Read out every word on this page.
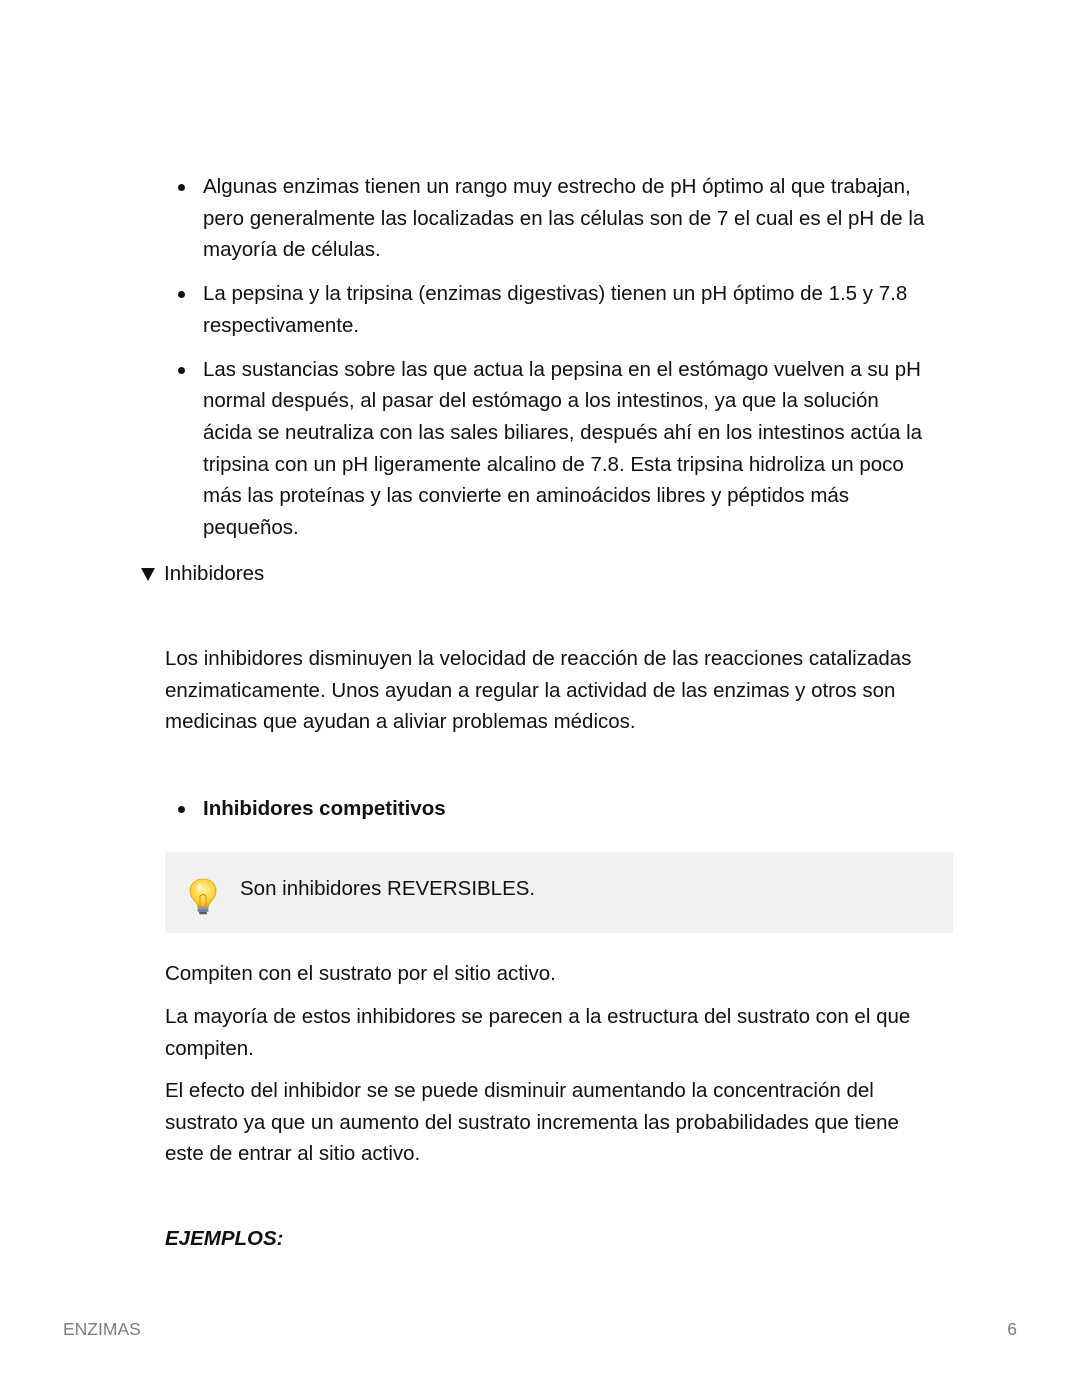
Algunas enzimas tienen un rango muy estrecho de pH óptimo al que trabajan,
pero generalmente las localizadas en las células son de 7 el cual es el pH de la
mayoría de células.
La pepsina y la tripsina (enzimas digestivas) tienen un pH óptimo de 1.5 y 7.8
respectivamente.
Las sustancias sobre las que actua la pepsina en el estómago vuelven a su pH
normal después, al pasar del estómago a los intestinos, ya que la solución
ácida se neutraliza con las sales biliares, después ahí en los intestinos actúa la
tripsina con un pH ligeramente alcalino de 7.8. Esta tripsina hidroliza un poco
más las proteínas y las convierte en aminoácidos libres y péptidos más
pequeños.
Inhibidores
Los inhibidores disminuyen la velocidad de reacción de las reacciones catalizadas
enzimaticamente. Unos ayudan a regular la actividad de las enzimas y otros son
medicinas que ayudan a aliviar problemas médicos.
Inhibidores competitivos
Son inhibidores REVERSIBLES.
Compiten con el sustrato por el sitio activo.
La mayoría de estos inhibidores se parecen a la estructura del sustrato con el que
compiten.
El efecto del inhibidor se se puede disminuir aumentando la concentración del
sustrato ya que un aumento del sustrato incrementa las probabilidades que tiene
este de entrar al sitio activo.
EJEMPLOS:
ENZIMAS	6
